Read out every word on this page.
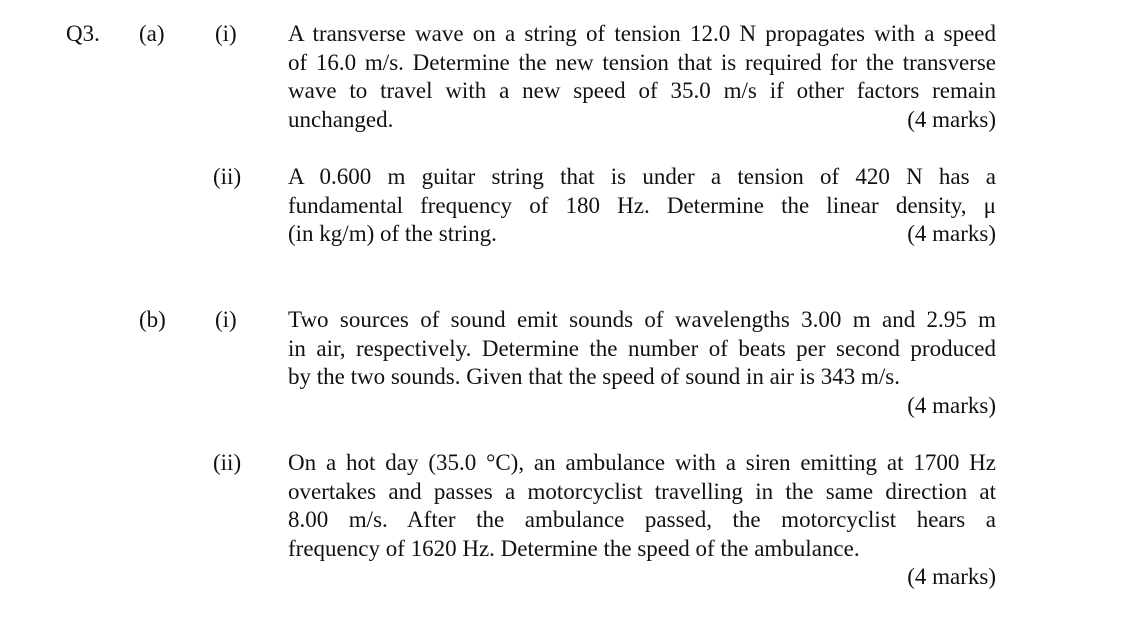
Q3. (a) (i) A transverse wave on a string of tension 12.0 N propagates with a speed
of 16.0 m/s. Determine the new tension that is required for the transverse
wave to travel with a new speed of 35.0 m/s if other factors remain
unchanged.	(4 marks)
(ii) A 0.600 m guitar string that is under a tension of 420 N has a
fundamental frequency of 180 Hz. Determine the linear density, μ
(in kg/m) of the string.	(4 marks)
(b) (i) Two sources of sound emit sounds of wavelengths 3.00 m and 2.95 m
in air, respectively. Determine the number of beats per second produced
by the two sounds. Given that the speed of sound in air is 343 m/s.
(4 marks)
(ii) On a hot day (35.0 °C), an ambulance with a siren emitting at 1700 Hz
overtakes and passes a motorcyclist travelling in the same direction at
8.00 m/s. After the ambulance passed, the motorcyclist hears a
frequency of 1620 Hz. Determine the speed of the ambulance.
(4 marks)
